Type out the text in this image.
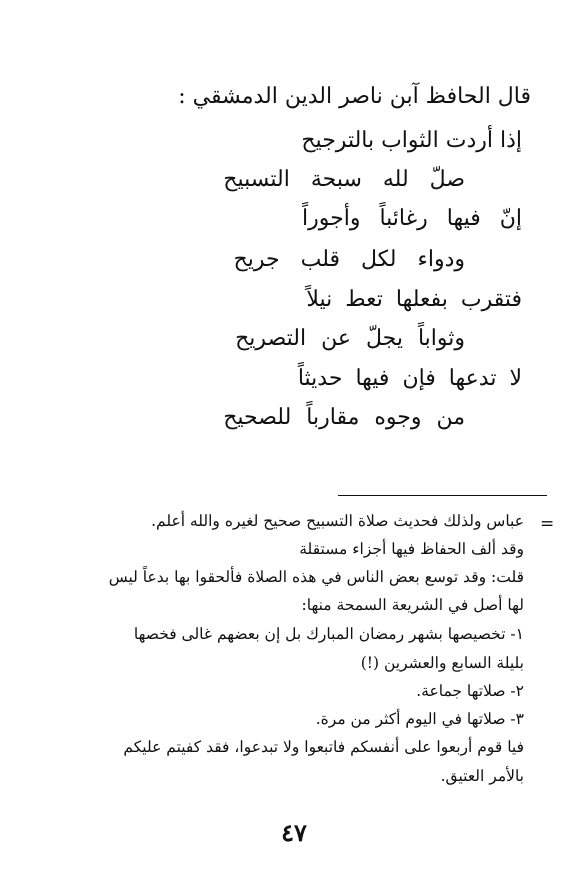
قال الحافظ آبن ناصر الدين الدمشقي :
إذا أردت الثواب بالترجيح
صلّ لله سبحة التسبيح
إنّ فيها رغائباً وأجوراً
ودواء لكل قلب جريح
فتقرب بفعلها تعط نيلاً
وثواباً يجلّ عن التصريح
لا تدعها فإن فيها حديثاً
من وجوه مقارباً للصحيح
=
عباس ولذلك فحديث صلاة التسبيح صحيح لغيره والله أعلم.
وقد ألف الحفاظ فيها أجزاء مستقلة
قلت: وقد توسع بعض الناس في هذه الصلاة فألحقوا بها بدعاً ليس
لها أصل في الشريعة السمحة منها:
١- تخصيصها بشهر رمضان المبارك بل إن بعضهم غالى فخصها
بليلة السابع والعشرين (!)
٢- صلاتها جماعة.
٣- صلاتها في اليوم أكثر من مرة.
فيا قوم أربعوا على أنفسكم فاتبعوا ولا تبدعوا، فقد كفيتم عليكم
بالأمر العتيق.
٤٧
